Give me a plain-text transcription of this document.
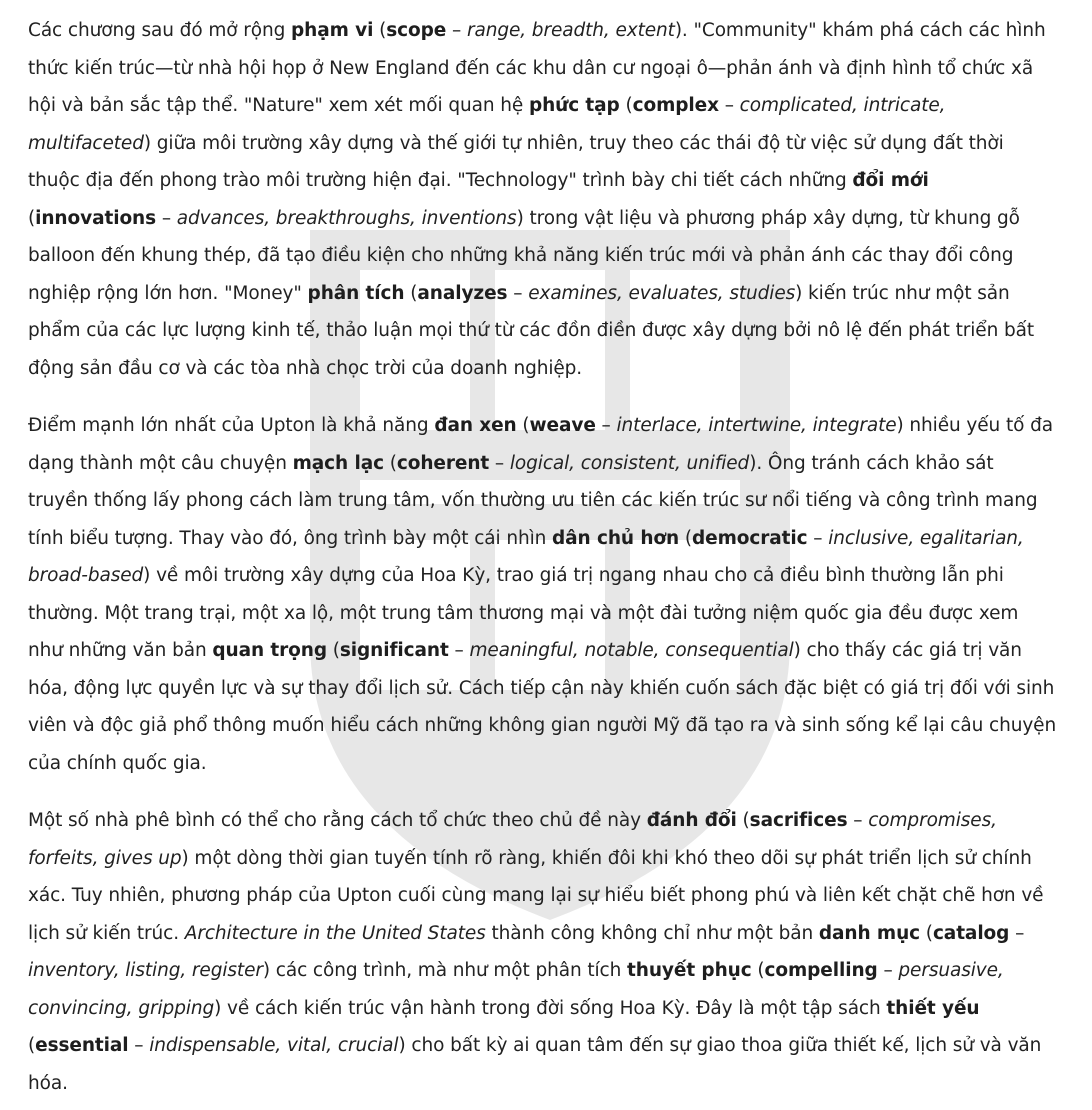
Các chương sau đó mở rộng phạm vi (scope – range, breadth, extent). "Community" khám phá cách các hình thức kiến trúc—từ nhà hội họp ở New England đến các khu dân cư ngoại ô—phản ánh và định hình tổ chức xã hội và bản sắc tập thể. "Nature" xem xét mối quan hệ phức tạp (complex – complicated, intricate, multifaceted) giữa môi trường xây dựng và thế giới tự nhiên, truy theo các thái độ từ việc sử dụng đất thời thuộc địa đến phong trào môi trường hiện đại. "Technology" trình bày chi tiết cách những đổi mới (innovations – advances, breakthroughs, inventions) trong vật liệu và phương pháp xây dựng, từ khung gỗ balloon đến khung thép, đã tạo điều kiện cho những khả năng kiến trúc mới và phản ánh các thay đổi công nghiệp rộng lớn hơn. "Money" phân tích (analyzes – examines, evaluates, studies) kiến trúc như một sản phẩm của các lực lượng kinh tế, thảo luận mọi thứ từ các đồn điền được xây dựng bởi nô lệ đến phát triển bất động sản đầu cơ và các tòa nhà chọc trời của doanh nghiệp.

Điểm mạnh lớn nhất của Upton là khả năng đan xen (weave – interlace, intertwine, integrate) nhiều yếu tố đa dạng thành một câu chuyện mạch lạc (coherent – logical, consistent, unified). Ông tránh cách khảo sát truyền thống lấy phong cách làm trung tâm, vốn thường ưu tiên các kiến trúc sư nổi tiếng và công trình mang tính biểu tượng. Thay vào đó, ông trình bày một cái nhìn dân chủ hơn (democratic – inclusive, egalitarian, broad-based) về môi trường xây dựng của Hoa Kỳ, trao giá trị ngang nhau cho cả điều bình thường lẫn phi thường. Một trang trại, một xa lộ, một trung tâm thương mại và một đài tưởng niệm quốc gia đều được xem như những văn bản quan trọng (significant – meaningful, notable, consequential) cho thấy các giá trị văn hóa, động lực quyền lực và sự thay đổi lịch sử. Cách tiếp cận này khiến cuốn sách đặc biệt có giá trị đối với sinh viên và độc giả phổ thông muốn hiểu cách những không gian người Mỹ đã tạo ra và sinh sống kể lại câu chuyện của chính quốc gia.

Một số nhà phê bình có thể cho rằng cách tổ chức theo chủ đề này đánh đổi (sacrifices – compromises, forfeits, gives up) một dòng thời gian tuyến tính rõ ràng, khiến đôi khi khó theo dõi sự phát triển lịch sử chính xác. Tuy nhiên, phương pháp của Upton cuối cùng mang lại sự hiểu biết phong phú và liên kết chặt chẽ hơn về lịch sử kiến trúc. Architecture in the United States thành công không chỉ như một bản danh mục (catalog – inventory, listing, register) các công trình, mà như một phân tích thuyết phục (compelling – persuasive, convincing, gripping) về cách kiến trúc vận hành trong đời sống Hoa Kỳ. Đây là một tập sách thiết yếu (essential – indispensable, vital, crucial) cho bất kỳ ai quan tâm đến sự giao thoa giữa thiết kế, lịch sử và văn hóa.
